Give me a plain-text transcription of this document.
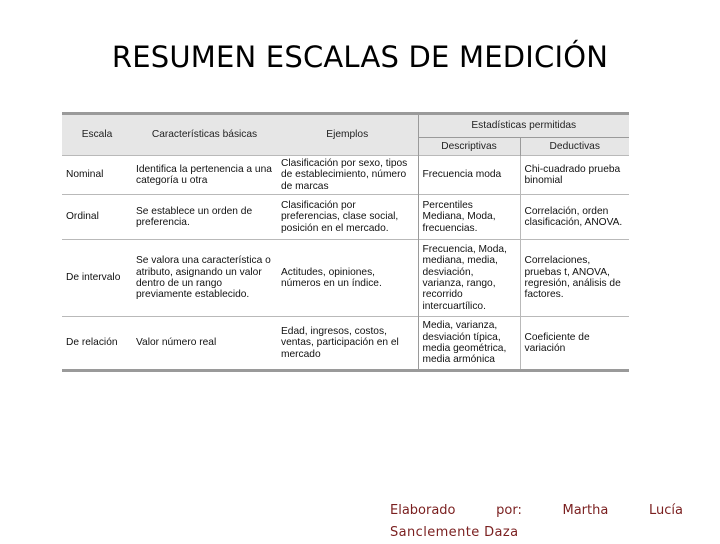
RESUMEN ESCALAS DE MEDICIÓN
Escala	Características básicas	Ejemplos	Estadísticas permitidas	
			Descriptivas	Deductivas
Nominal	Identifica la pertenencia a una categoría u otra	Clasificación por sexo, tipos de establecimiento, número de marcas	Frecuencia moda	Chi-cuadrado prueba binomial
Ordinal	Se establece un orden de preferencia.	Clasificación por preferencias, clase social, posición en el mercado.	Percentiles Mediana, Moda, frecuencias.	Correlación, orden clasificación, ANOVA.
De intervalo	Se valora una característica o atributo, asignando un valor dentro de un rango previamente establecido.	Actitudes, opiniones, números en un índice.	Frecuencia, Moda, mediana, media, desviación, varianza, rango, recorrido intercuartílico.	Correlaciones, pruebas t, ANOVA, regresión, análisis de factores.
De relación	Valor número real	Edad, ingresos, costos, ventas, participación en el mercado	Media, varianza, desviación típica, media geométrica, media armónica	Coeficiente de variación
Elaborado	por:	Martha	Lucía
Sanclemente Daza
